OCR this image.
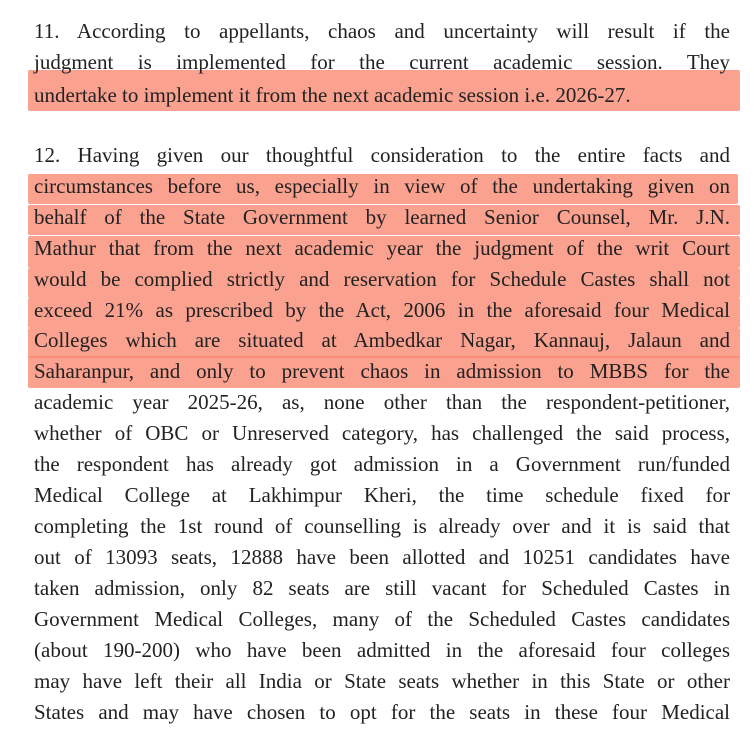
11. According to appellants, chaos and uncertainty will result if the
judgment is implemented for the current academic session. They
undertake to implement it from the next academic session i.e. 2026-27.
12. Having given our thoughtful consideration to the entire facts and
circumstances before us, especially in view of the undertaking given on
behalf of the State Government by learned Senior Counsel, Mr. J.N.
Mathur that from the next academic year the judgment of the writ Court
would be complied strictly and reservation for Schedule Castes shall not
exceed 21% as prescribed by the Act, 2006 in the aforesaid four Medical
Colleges which are situated at Ambedkar Nagar, Kannauj, Jalaun and
Saharanpur, and only to prevent chaos in admission to MBBS for the
academic year 2025-26, as, none other than the respondent-petitioner,
whether of OBC or Unreserved category, has challenged the said process,
the respondent has already got admission in a Government run/funded
Medical College at Lakhimpur Kheri, the time schedule fixed for
completing the 1st round of counselling is already over and it is said that
out of 13093 seats, 12888 have been allotted and 10251 candidates have
taken admission, only 82 seats are still vacant for Scheduled Castes in
Government Medical Colleges, many of the Scheduled Castes candidates
(about 190-200) who have been admitted in the aforesaid four colleges
may have left their all India or State seats whether in this State or other
States and may have chosen to opt for the seats in these four Medical
